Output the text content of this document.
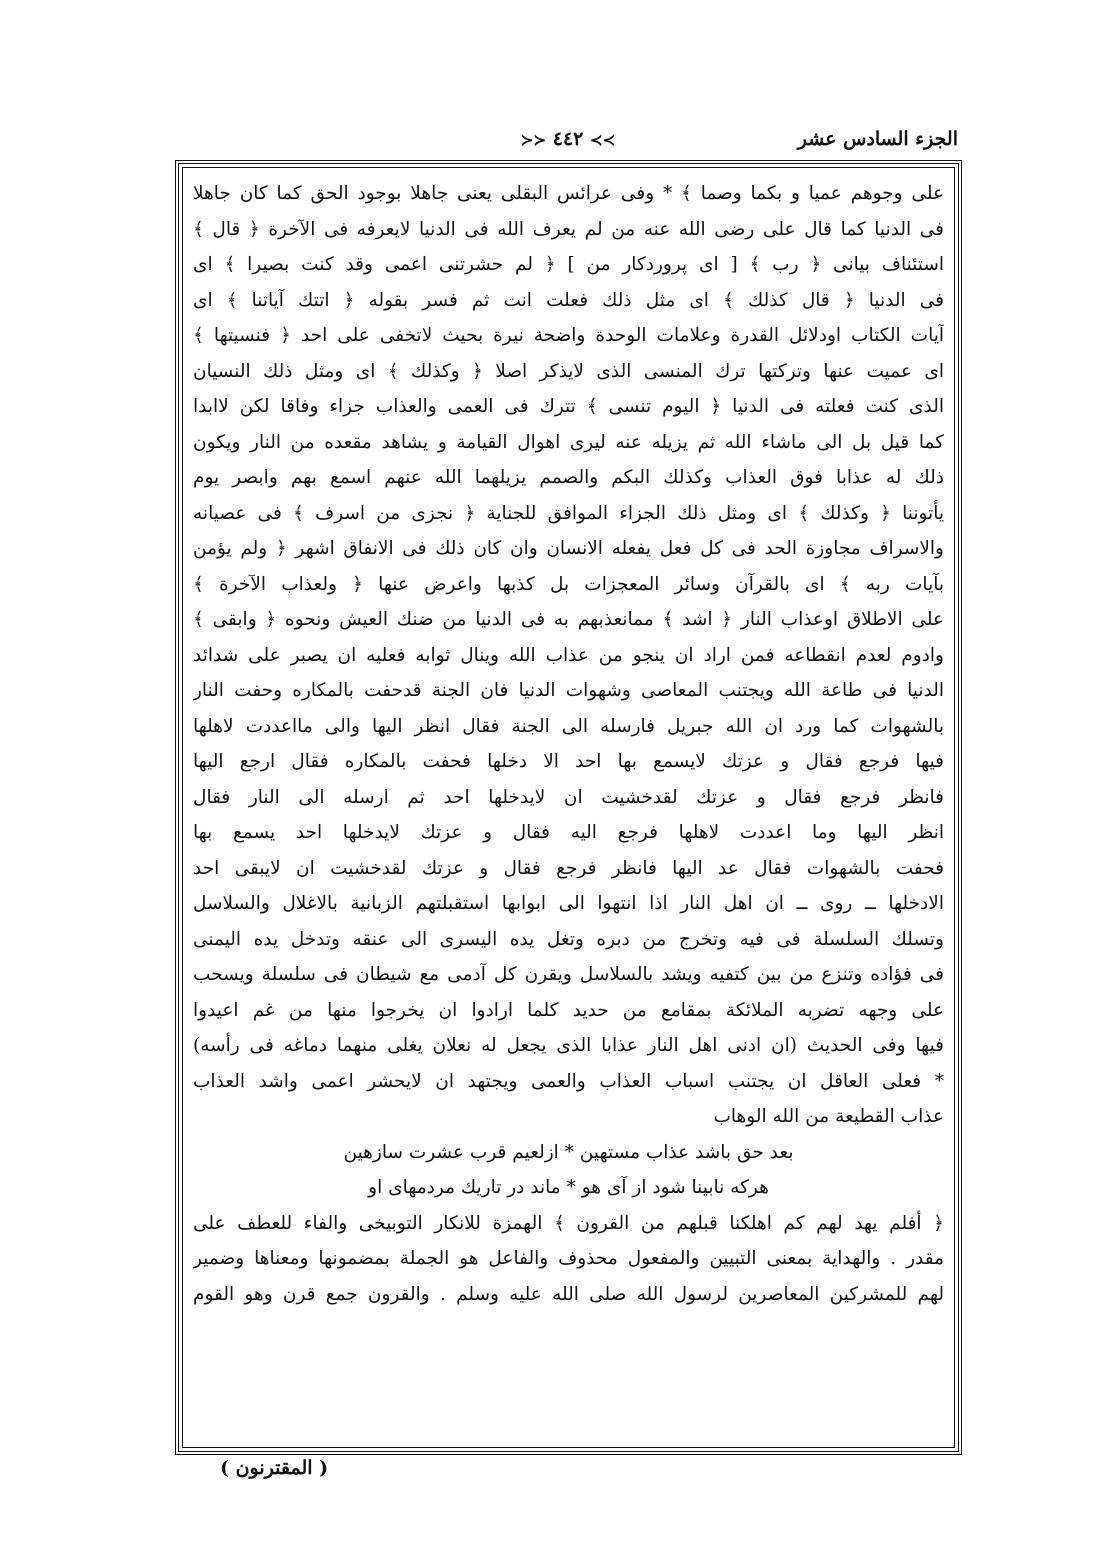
الجزء السادس عشر
≻≻ ٤٤٢ ≺≺
على وجوهم عميا و بكما وصما ﴾ * وفى عرائس البقلى يعنى جاهلا بوجود الحق كما كان جاهلا
فى الدنيا كما قال على رضى الله عنه من لم يعرف الله فى الدنيا لايعرفه فى الآخرة ﴿ قال ﴾
استئناف بيانى ﴿ رب ﴾ [ اى پروردكار من ] ﴿ لم حشرتنى اعمى وقد كنت بصيرا ﴾ اى
فى الدنيا ﴿ قال كذلك ﴾ اى مثل ذلك فعلت انت ثم فسر بقوله ﴿ اتتك آياتنا ﴾ اى
آيات الكتاب اودلائل القدرة وعلامات الوحدة واضحة نيرة بحيث لاتخفى على احد ﴿ فنسيتها ﴾
اى عميت عنها وتركتها ترك المنسى الذى لايذكر اصلا ﴿ وكذلك ﴾ اى ومثل ذلك النسيان
الذى كنت فعلته فى الدنيا ﴿ اليوم تنسى ﴾ تترك فى العمى والعذاب جزاء وفاقا لكن لاابدا
كما قيل بل الى ماشاء الله ثم يزيله عنه ليرى اهوال القيامة و يشاهد مقعده من النار ويكون
ذلك له عذابا فوق العذاب وكذلك البكم والصمم يزيلهما الله عنهم اسمع بهم وابصر يوم
يأتوننا ﴿ وكذلك ﴾ اى ومثل ذلك الجزاء الموافق للجناية ﴿ نجزى من اسرف ﴾ فى عصيانه
والاسراف مجاوزة الحد فى كل فعل يفعله الانسان وان كان ذلك فى الانفاق اشهر ﴿ ولم يؤمن
بآيات ربه ﴾ اى بالقرآن وسائر المعجزات بل كذبها واعرض عنها ﴿ ولعذاب الآخرة ﴾
على الاطلاق اوعذاب النار ﴿ اشد ﴾ ممانعذبهم به فى الدنيا من ضنك العيش ونحوه ﴿ وابقى ﴾
وادوم لعدم انقطاعه فمن اراد ان ينجو من عذاب الله وينال ثوابه فعليه ان يصبر على شدائد
الدنيا فى طاعة الله ويجتنب المعاصى وشهوات الدنيا فان الجنة قدحفت بالمكاره وحفت النار
بالشهوات كما ورد ان الله جبريل فارسله الى الجنة فقال انظر اليها والى مااعددت لاهلها
فيها فرجع فقال و عزتك لايسمع بها احد الا دخلها فحفت بالمكاره فقال ارجع اليها
فانظر فرجع فقال و عزتك لقدخشيت ان لايدخلها احد ثم ارسله الى النار فقال
انظر اليها وما اعددت لاهلها فرجع اليه فقال و عزتك لايدخلها احد يسمع بها
فحفت بالشهوات فقال عد اليها فانظر فرجع فقال و عزتك لقدخشيت ان لايبقى احد
الادخلها ــ روى ــ ان اهل النار اذا انتهوا الى ابوابها استقبلتهم الزبانية بالاغلال والسلاسل
وتسلك السلسلة فى فيه وتخرج من دبره وتغل يده اليسرى الى عنقه وتدخل يده اليمنى
فى فؤاده وتنزع من بين كتفيه ويشد بالسلاسل ويقرن كل آدمى مع شيطان فى سلسلة ويسحب
على وجهه تضربه الملائكة بمقامع من حديد كلما ارادوا ان يخرجوا منها من غم اعيدوا
فيها وفى الحديث (ان ادنى اهل النار عذابا الذى يجعل له نعلان يغلى منهما دماغه فى رأسه)
* فعلى العاقل ان يجتنب اسباب العذاب والعمى ويجتهد ان لايحشر اعمى واشد العذاب
عذاب القطيعة من الله الوهاب
بعد حق باشد عذاب مستهين * ازلعيم قرب عشرت سازهين
هركه نابينا شود از آى هو * ماند در تاريك مردمهاى او
﴿ أفلم يهد لهم كم اهلكنا قبلهم من القرون ﴾ الهمزة للانكار التوبيخى والفاء للعطف على
مقدر . والهداية بمعنى التبيين والمفعول محذوف والفاعل هو الجملة بمضمونها ومعناها وضمير
لهم للمشركين المعاصرين لرسول الله صلى الله عليه وسلم . والقرون جمع قرن وهو القوم
( المقترنون )
